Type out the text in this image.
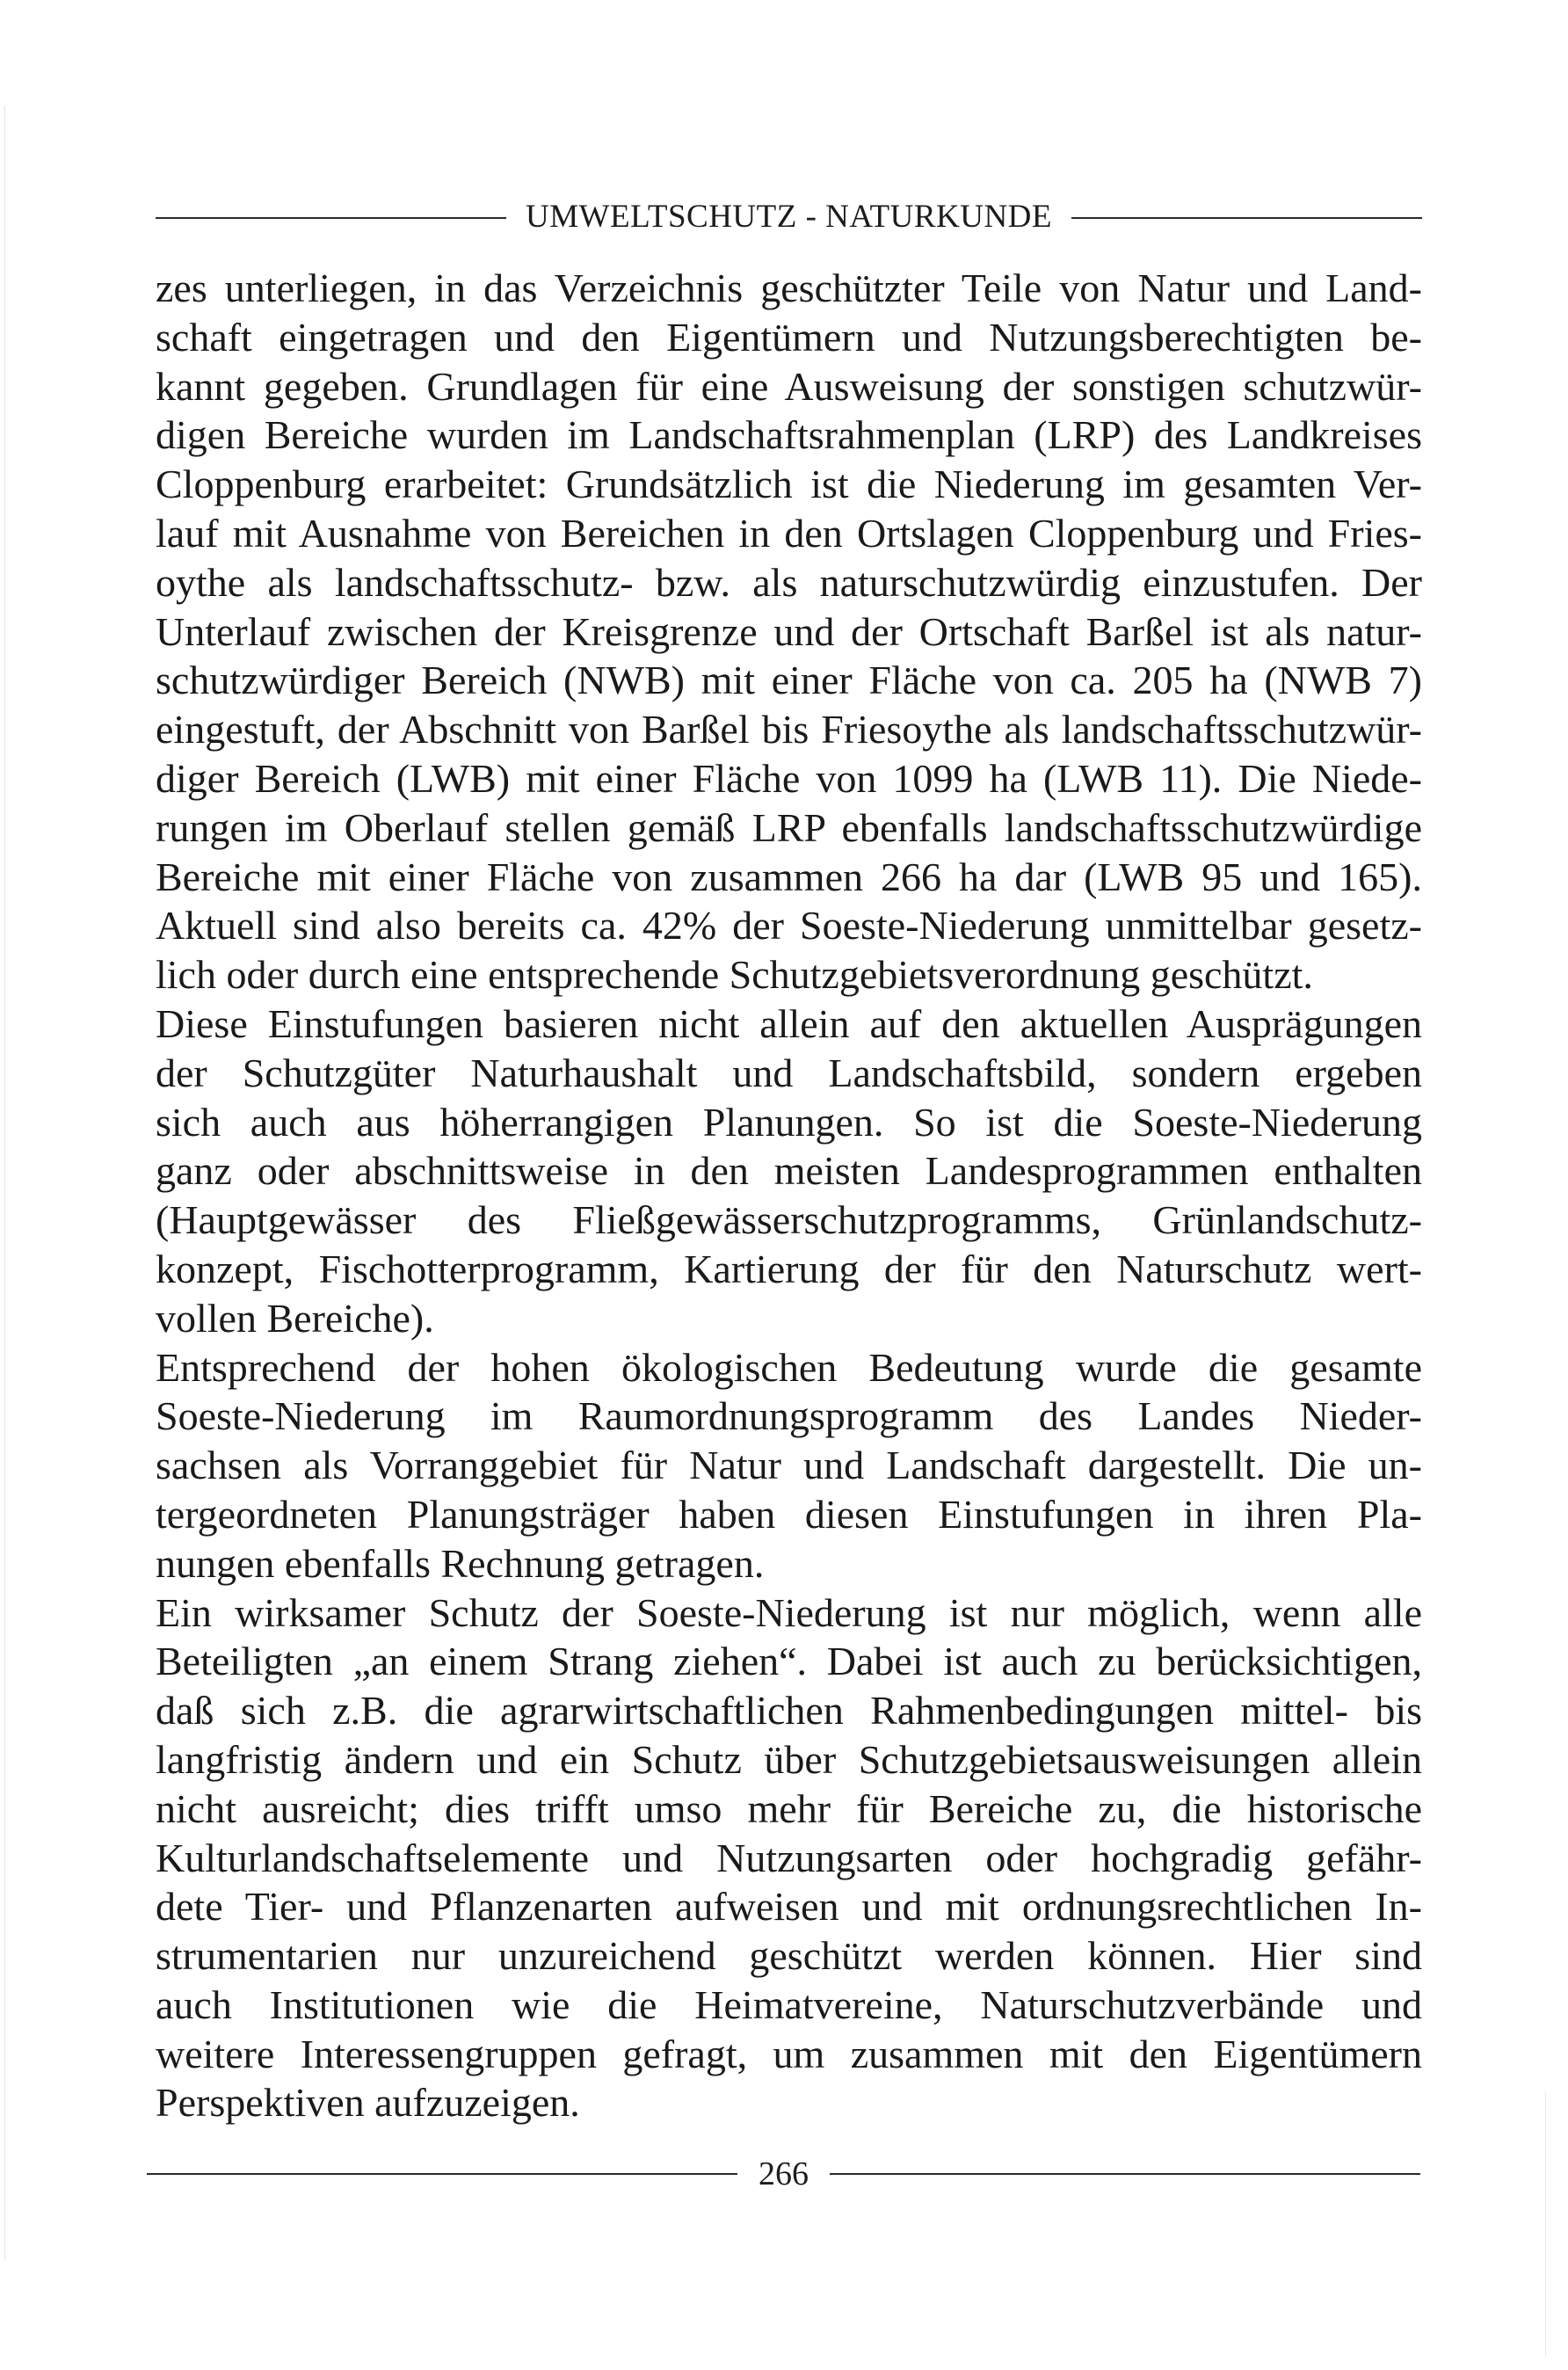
UMWELTSCHUTZ - NATURKUNDE
zes unterliegen, in das Verzeichnis geschützter Teile von Natur und Land-
schaft eingetragen und den Eigentümern und Nutzungsberechtigten be-
kannt gegeben. Grundlagen für eine Ausweisung der sonstigen schutzwür-
digen Bereiche wurden im Landschaftsrahmenplan (LRP) des Landkreises
Cloppenburg erarbeitet: Grundsätzlich ist die Niederung im gesamten Ver-
lauf mit Ausnahme von Bereichen in den Ortslagen Cloppenburg und Fries-
oythe als landschaftsschutz- bzw. als naturschutzwürdig einzustufen. Der
Unterlauf zwischen der Kreisgrenze und der Ortschaft Barßel ist als natur-
schutzwürdiger Bereich (NWB) mit einer Fläche von ca. 205 ha (NWB 7)
eingestuft, der Abschnitt von Barßel bis Friesoythe als landschaftsschutzwür-
diger Bereich (LWB) mit einer Fläche von 1099 ha (LWB 11). Die Niede-
rungen im Oberlauf stellen gemäß LRP ebenfalls landschaftsschutzwürdige
Bereiche mit einer Fläche von zusammen 266 ha dar (LWB 95 und 165).
Aktuell sind also bereits ca. 42% der Soeste-Niederung unmittelbar gesetz-
lich oder durch eine entsprechende Schutzgebietsverordnung geschützt.
Diese Einstufungen basieren nicht allein auf den aktuellen Ausprägungen
der Schutzgüter Naturhaushalt und Landschaftsbild, sondern ergeben
sich auch aus höherrangigen Planungen. So ist die Soeste-Niederung
ganz oder abschnittsweise in den meisten Landesprogrammen enthalten
(Hauptgewässer des Fließgewässerschutzprogramms, Grünlandschutz-
konzept, Fischotterprogramm, Kartierung der für den Naturschutz wert-
vollen Bereiche).
Entsprechend der hohen ökologischen Bedeutung wurde die gesamte
Soeste-Niederung im Raumordnungsprogramm des Landes Nieder-
sachsen als Vorranggebiet für Natur und Landschaft dargestellt. Die un-
tergeordneten Planungsträger haben diesen Einstufungen in ihren Pla-
nungen ebenfalls Rechnung getragen.
Ein wirksamer Schutz der Soeste-Niederung ist nur möglich, wenn alle
Beteiligten „an einem Strang ziehen“. Dabei ist auch zu berücksichtigen,
daß sich z.B. die agrarwirtschaftlichen Rahmenbedingungen mittel- bis
langfristig ändern und ein Schutz über Schutzgebietsausweisungen allein
nicht ausreicht; dies trifft umso mehr für Bereiche zu, die historische
Kulturlandschaftselemente und Nutzungsarten oder hochgradig gefähr-
dete Tier- und Pflanzenarten aufweisen und mit ordnungsrechtlichen In-
strumentarien nur unzureichend geschützt werden können. Hier sind
auch Institutionen wie die Heimatvereine, Naturschutzverbände und
weitere Interessengruppen gefragt, um zusammen mit den Eigentümern
Perspektiven aufzuzeigen.
266
